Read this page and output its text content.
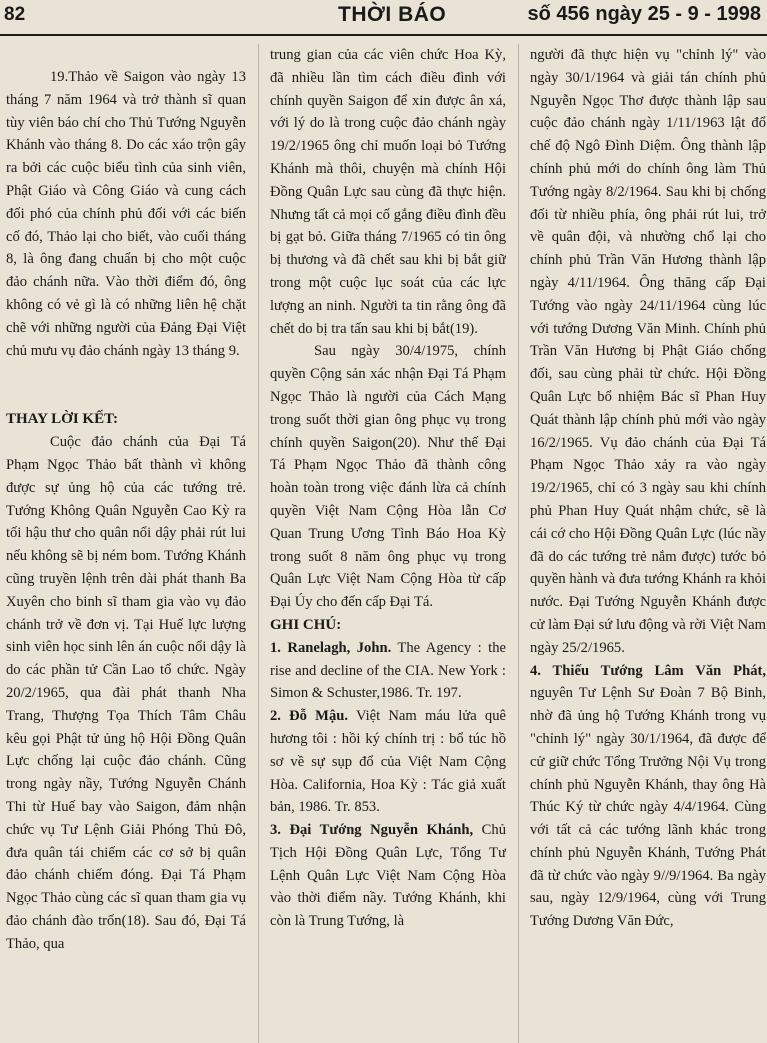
82	THỜI BÁO	số 456 ngày 25 - 9 - 1998

19.Thảo về Saigon vào ngày 13 tháng 7 năm 1964 và trở thành sĩ quan tùy viên báo chí cho Thủ Tướng Nguyễn Khánh vào tháng 8. Do các xáo trộn gây ra bởi các cuộc biểu tình của sinh viên, Phật Giáo và Công Giáo và cung cách đối phó của chính phủ đối với các biến cố đó, Thảo lại cho biết, vào cuối tháng 8, là ông đang chuẩn bị cho một cuộc đảo chánh nữa. Vào thời điểm đó, ông không có vẻ gì là có những liên hệ chặt chẽ với những người của Đảng Đại Việt chủ mưu vụ đảo chánh ngày 13 tháng 9.

THAY LỜI KẾT:

Cuộc đảo chánh của Đại Tá Phạm Ngọc Thảo bất thành vì không được sự ủng hộ của các tướng trẻ. Tướng Không Quân Nguyễn Cao Kỳ ra tối hậu thư cho quân nổi dậy phải rút lui nếu không sẽ bị ném bom. Tướng Khánh cũng truyền lệnh trên dài phát thanh Ba Xuyên cho binh sĩ tham gia vào vụ đảo chánh trở về đơn vị. Tại Huế lực lượng sinh viên học sinh lên án cuộc nổi dậy là do các phần tử Cần Lao tổ chức. Ngày 20/2/1965, qua đài phát thanh Nha Trang, Thượng Tọa Thích Tâm Châu kêu gọi Phật tử ủng hộ Hội Đồng Quân Lực chống lại cuộc đảo chánh. Cũng trong ngày nầy, Tướng Nguyễn Chánh Thi từ Huế bay vào Saigon, đảm nhận chức vụ Tư Lệnh Giải Phóng Thủ Đô, đưa quân tái chiếm các cơ sở bị quân đảo chánh chiếm đóng. Đại Tá Phạm Ngọc Thảo cùng các sĩ quan tham gia vụ đảo chánh đào trốn(18). Sau đó, Đại Tá Thảo, qua

trung gian của các viên chức Hoa Kỳ, đã nhiều lần tìm cách điều đình với chính quyền Saigon để xin được ân xá, với lý do là trong cuộc đảo chánh ngày 19/2/1965 ông chỉ muốn loại bỏ Tướng Khánh mà thôi, chuyện mà chính Hội Đồng Quân Lực sau cùng đã thực hiện. Nhưng tất cả mọi cố gắng điều đình đều bị gạt bỏ. Giữa tháng 7/1965 có tin ông bị thương và đã chết sau khi bị bắt giữ trong một cuộc lục soát của các lực lượng an ninh. Người ta tin rằng ông đã chết do bị tra tấn sau khi bị bắt(19).

Sau ngày 30/4/1975, chính quyền Cộng sản xác nhận Đại Tá Phạm Ngọc Thảo là người của Cách Mạng trong suốt thời gian ông phục vụ trong chính quyền Saigon(20). Như thế Đại Tá Phạm Ngọc Thảo đã thành công hoàn toàn trong việc đánh lừa cả chính quyền Việt Nam Cộng Hòa lẫn Cơ Quan Trung Ương Tình Báo Hoa Kỳ trong suốt 8 năm ông phục vụ trong Quân Lực Việt Nam Cộng Hòa từ cấp Đại Úy cho đến cấp Đại Tá.

GHI CHÚ:

1. Ranelagh, John. The Agency : the rise and decline of the CIA. New York : Simon & Schuster,1986. Tr. 197.

2. Đỗ Mậu. Việt Nam máu lửa quê hương tôi : hồi ký chính trị : bổ túc hồ sơ về sự sụp đổ của Việt Nam Cộng Hòa. California, Hoa Kỳ : Tác giả xuất bản, 1986. Tr. 853.

3. Đại Tướng Nguyễn Khánh, Chủ Tịch Hội Đồng Quân Lực, Tổng Tư Lệnh Quân Lực Việt Nam Cộng Hòa vào thời điểm nầy. Tướng Khánh, khi còn là Trung Tướng, là

người đã thực hiện vụ "chỉnh lý" vào ngày 30/1/1964 và giải tán chính phủ Nguyễn Ngọc Thơ được thành lập sau cuộc đảo chánh ngày 1/11/1963 lật đổ chế độ Ngô Đình Diệm. Ông thành lập chính phủ mới do chính ông làm Thủ Tướng ngày 8/2/1964. Sau khi bị chống đối từ nhiều phía, ông phải rút lui, trở về quân đội, và nhường chổ lại cho chính phủ Trần Văn Hương thành lập ngày 4/11/1964. Ông thăng cấp Đại Tướng vào ngày 24/11/1964 cùng lúc với tướng Dương Văn Minh. Chính phủ Trần Văn Hương bị Phật Giáo chống đối, sau cùng phải từ chức. Hội Đồng Quân Lực bổ nhiệm Bác sĩ Phan Huy Quát thành lập chính phủ mới vào ngày 16/2/1965. Vụ đảo chánh của Đại Tá Phạm Ngọc Thảo xảy ra vào ngày 19/2/1965, chỉ có 3 ngày sau khi chính phủ Phan Huy Quát nhậm chức, sẽ là cái cớ cho Hội Đồng Quân Lực (lúc nầy đã do các tướng trẻ nắm được) tước bỏ quyền hành và đưa tướng Khánh ra khỏi nước. Đại Tướng Nguyễn Khánh được cử làm Đại sứ lưu động và rời Việt Nam ngày 25/2/1965.

4. Thiếu Tướng Lâm Văn Phát, nguyên Tư Lệnh Sư Đoàn 7 Bộ Binh, nhờ đã ủng hộ Tướng Khánh trong vụ "chỉnh lý" ngày 30/1/1964, đã được để cử giữ chức Tổng Trưởng Nội Vụ trong chính phủ Nguyễn Khánh, thay ông Hà Thúc Ký từ chức ngày 4/4/1964. Cùng với tất cả các tướng lãnh khác trong chính phủ Nguyễn Khánh, Tướng Phát đã từ chức vào ngày 9//9/1964. Ba ngày sau, ngày 12/9/1964, cùng với Trung Tướng Dương Văn Đức,
